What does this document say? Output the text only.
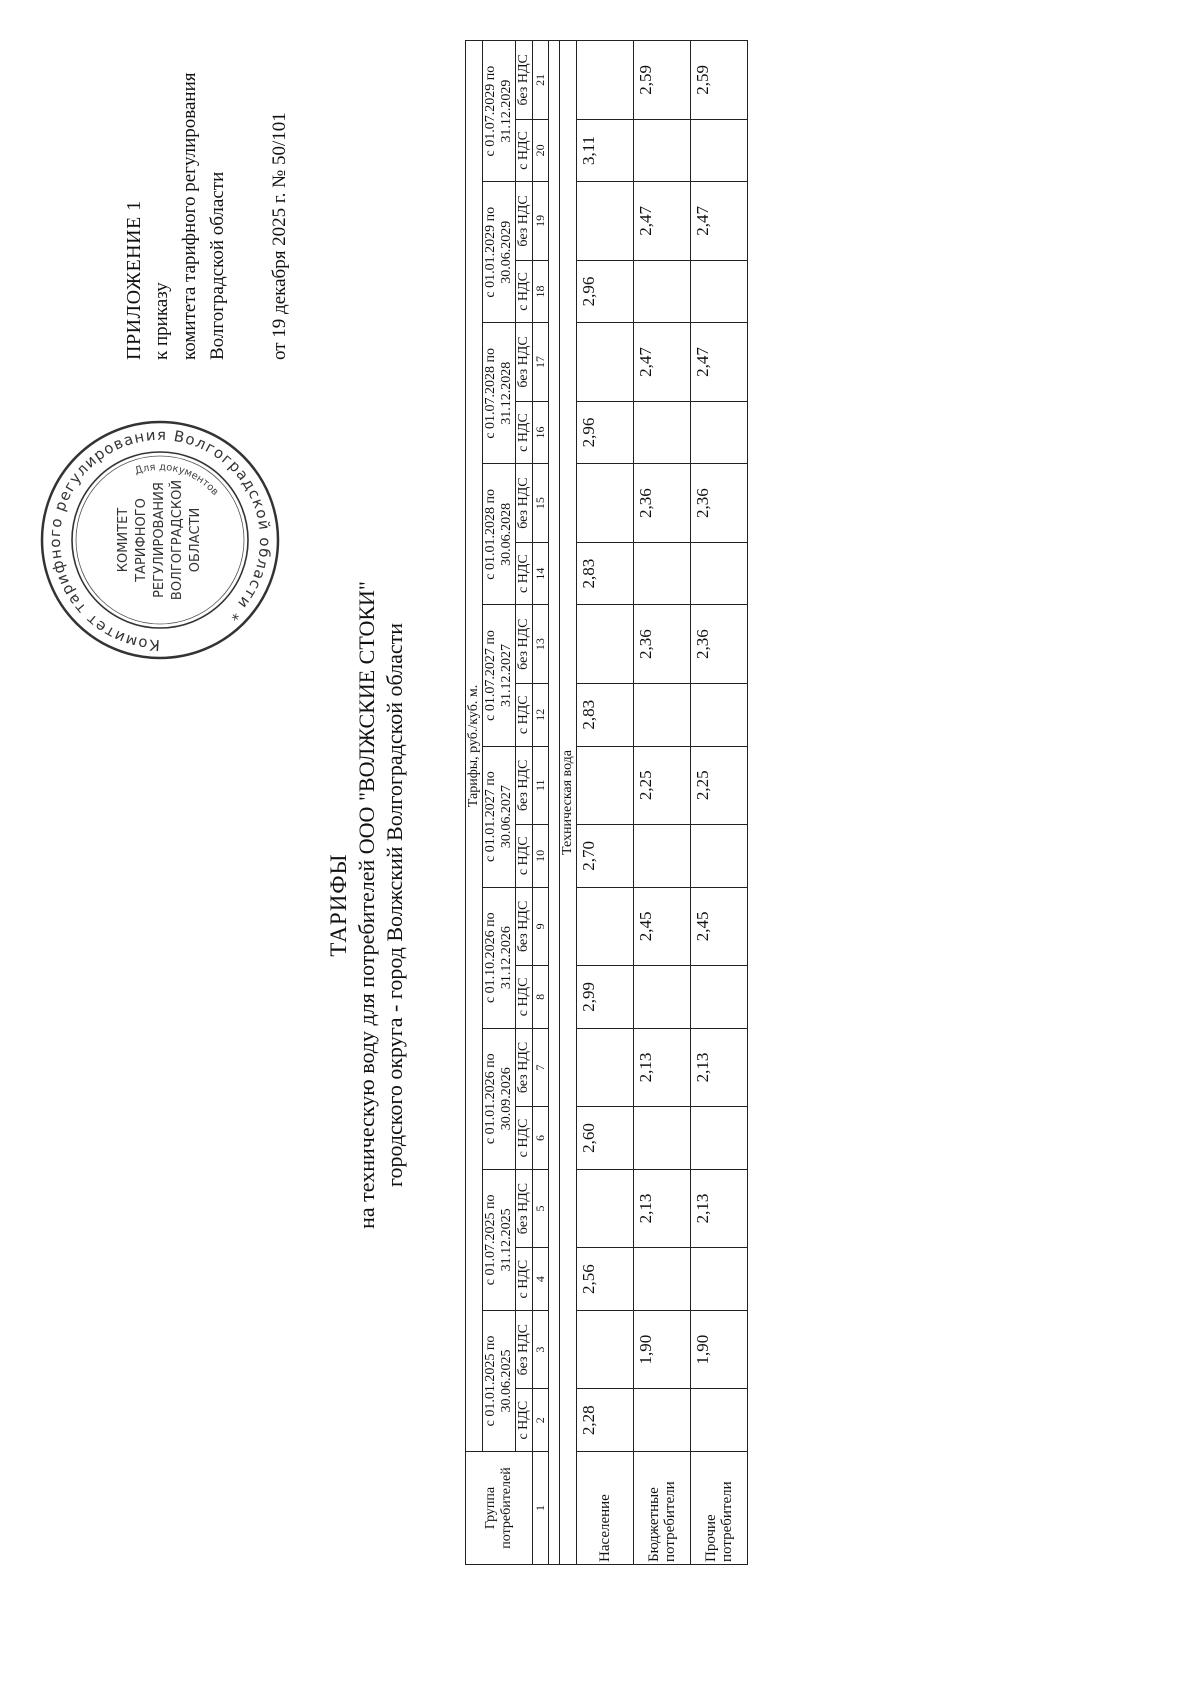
Комитет тарифного регулирования Волгоградской области *
Для документов
КОМИТЕТ ТАРИФНОГО РЕГУЛИРОВАНИЯ ВОЛГОГРАДСКОЙ ОБЛАСТИ
ПРИЛОЖЕНИЕ 1 к приказу комитета тарифного регулирования Волгоградской области от 19 декабря 2025 г. № 50/101
ТАРИФЫ на техническую воду для потребителей ООО "ВОЛЖСКИЕ СТОКИ" городского округа - город Волжский Волгоградской области
Группа потребителей	Тарифы, руб./куб. м.																			
	с 01.01.2025 по 30.06.2025		с 01.07.2025 по 31.12.2025		с 01.01.2026 по 30.09.2026		с 01.10.2026 по 31.12.2026		с 01.01.2027 по 30.06.2027		с 01.07.2027 по 31.12.2027		с 01.01.2028 по 30.06.2028		с 01.07.2028 по 31.12.2028		с 01.01.2029 по 30.06.2029		с 01.07.2029 по 31.12.2029	
	с НДС	без НДС	с НДС	без НДС	с НДС	без НДС	с НДС	без НДС	с НДС	без НДС	с НДС	без НДС	с НДС	без НДС	с НДС	без НДС	с НДС	без НДС	с НДС	без НДС
1	2	3	4	5	6	7	8	9	10	11	12	13	14	15	16	17	18	19	20	21

Техническая вода																				
Население	2,28		2,56		2,60		2,99		2,70		2,83		2,83		2,96		2,96		3,11	
Бюджетные потребители		1,90		2,13		2,13		2,45		2,25		2,36		2,36		2,47		2,47		2,59
Прочие потребители		1,90		2,13		2,13		2,45		2,25		2,36		2,36		2,47		2,47		2,59
